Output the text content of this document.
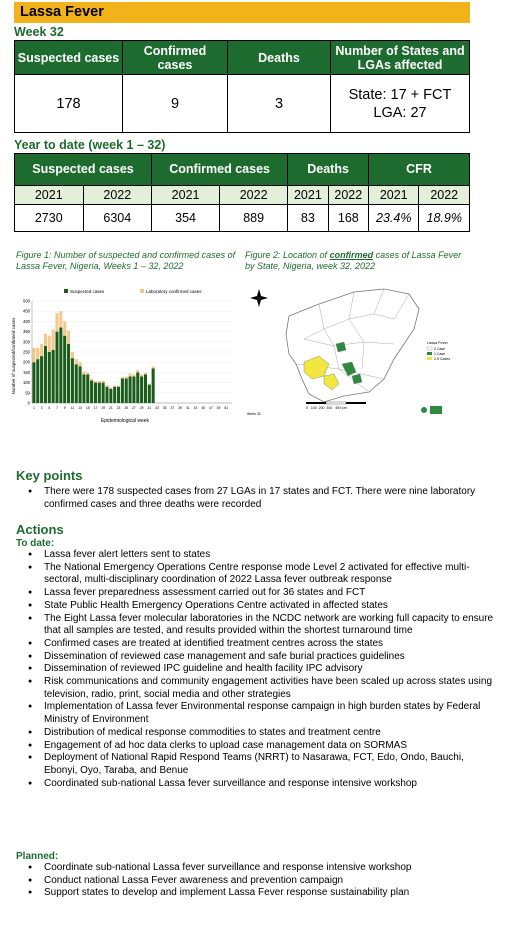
Lassa Fever
Week 32
Suspected cases	Confirmed cases	Deaths	Number of States and LGAs affected
178	9	3	State: 17 + FCT
LGA: 27
Year to date (week 1 – 32)
Suspected cases		Confirmed cases		Deaths		CFR	
2021	2022	2021	2022	2021	2022	2021	2022
2730	6304	354	889	83	168	23.4%	18.9%
Figure 1: Number of suspected and confirmed cases of Lassa Fever, Nigeria, Weeks 1 – 32, 2022
Figure 2: Location of confirmed cases of Lassa Fever by State, Nigeria, week 32, 2022
Suspected cases	Laboratory confirmed cases
Number of suspected/confirmed cases
Epidemiological week
0
50
100
150
200
250
300
350
400
450
500
1 3 5 7 9 11 13 15 17 19 21 23 25 27 29 31 33 35 37 39 41 43 45 47 49 51
Lassa Fever
0 Case
1 Case
2-5 Cases
0   100  200  300   400 km
Week 32
Key points
● There were 178 suspected cases from 27 LGAs in 17 states and FCT. There were nine laboratory confirmed cases and three deaths were recorded
Actions
To date:
● Lassa fever alert letters sent to states
● The National Emergency Operations Centre response mode Level 2 activated for effective multi-sectoral, multi-disciplinary coordination of 2022 Lassa fever outbreak response
● Lassa fever preparedness assessment carried out for 36 states and FCT
● State Public Health Emergency Operations Centre activated in affected states
● The Eight Lassa fever molecular laboratories in the NCDC network are working full capacity to ensure that all samples are tested, and results provided within the shortest turnaround time
● Confirmed cases are treated at identified treatment centres across the states
● Dissemination of reviewed case management and safe burial practices guidelines
● Dissemination of reviewed IPC guideline and health facility IPC advisory
● Risk communications and community engagement activities have been scaled up across states using television, radio, print, social media and other strategies
● Implementation of Lassa fever Environmental response campaign in high burden states by Federal Ministry of Environment
● Distribution of medical response commodities to states and treatment centre
● Engagement of ad hoc data clerks to upload case management data on SORMAS
● Deployment of National Rapid Respond Teams (NRRT) to Nasarawa, FCT, Edo, Ondo, Bauchi, Ebonyi, Oyo, Taraba, and Benue
● Coordinated sub-national Lassa fever surveillance and response intensive workshop
Planned:
● Coordinate sub-national Lassa fever surveillance and response intensive workshop
● Conduct national Lassa Fever awareness and prevention campaign
● Support states to develop and implement Lassa Fever response sustainability plan
